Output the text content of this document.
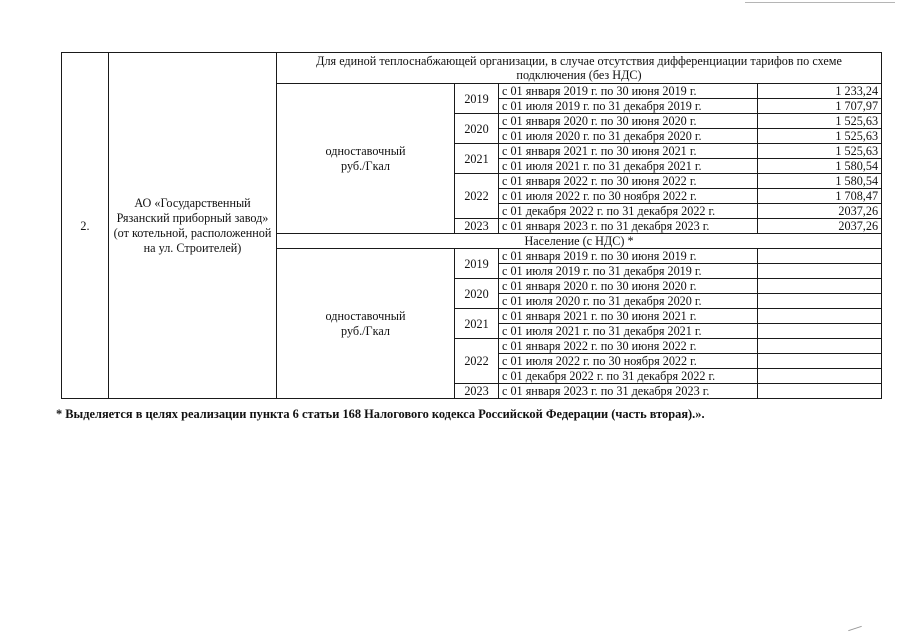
2.	АО «Государственный Рязанский приборный завод» (от котельной, расположенной на ул. Строителей)	Для единой теплоснабжающей организации, в случае отсутствия дифференциации тарифов по схеме подключения (без НДС)			
		одноставочный
руб./Гкал	2019	с 01 января 2019 г. по 30 июня 2019 г.	1 233,24
				с 01 июля 2019 г. по 31 декабря 2019 г.	1 707,97
			2020	с 01 января 2020 г. по 30 июня 2020 г.	1 525,63
				с 01 июля 2020 г. по 31 декабря 2020 г.	1 525,63
			2021	с 01 января 2021 г. по 30 июня 2021 г.	1 525,63
				с 01 июля 2021 г. по 31 декабря 2021 г.	1 580,54
			2022	с 01 января 2022 г. по 30 июня 2022 г.	1 580,54
				с 01 июля 2022 г. по 30 ноября 2022 г.	1 708,47
				с 01 декабря 2022 г. по 31 декабря 2022 г.	2037,26
			2023	с 01 января 2023 г. по 31 декабря 2023 г.	2037,26
		Население (с НДС) *			
		одноставочный
руб./Гкал	2019	с 01 января 2019 г. по 30 июня 2019 г.	
				с 01 июля 2019 г. по 31 декабря 2019 г.	
			2020	с 01 января 2020 г. по 30 июня 2020 г.	
				с 01 июля 2020 г. по 31 декабря 2020 г.	
			2021	с 01 января 2021 г. по 30 июня 2021 г.	
				с 01 июля 2021 г. по 31 декабря 2021 г.	
			2022	с 01 января 2022 г. по 30 июня 2022 г.	
				с 01 июля 2022 г. по 30 ноября 2022 г.	
				с 01 декабря 2022 г. по 31 декабря 2022 г.	
			2023	с 01 января 2023 г. по 31 декабря 2023 г.	
* Выделяется в целях реализации пункта 6 статьи 168 Налогового кодекса Российской Федерации (часть вторая).».
